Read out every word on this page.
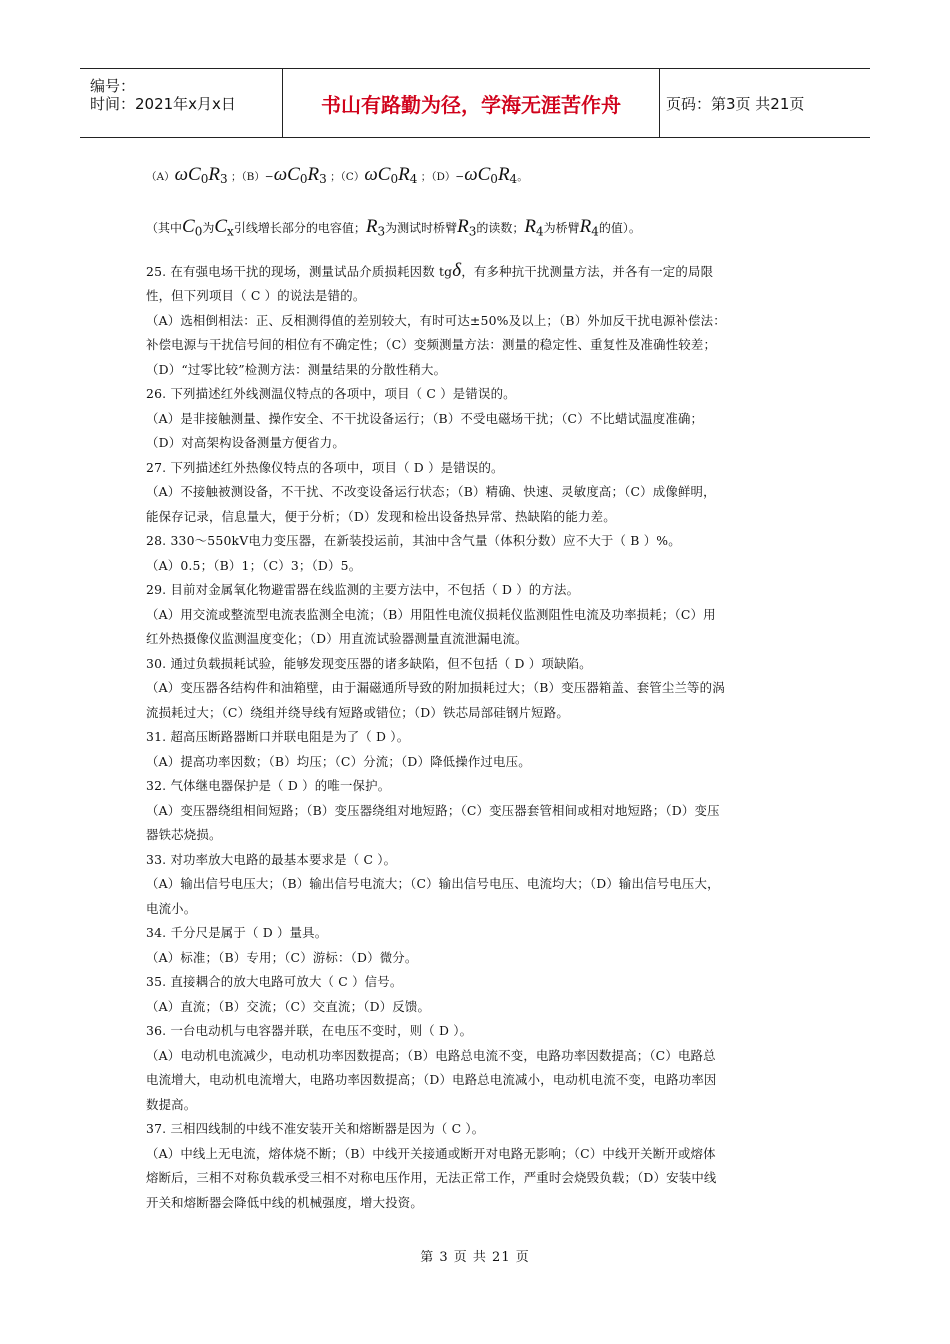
编号：
时间：2021年x月x日	书山有路勤为径，学海无涯苦作舟	页码：第3页 共21页
$(A)\omega C_0R_3$ ；$(B)-\omega C_0R_3$ ；$(C)\omega C_0R_4$ ；$(D)-\omega C_0R_4$。
（其中$C_0$为$C_x$引线增长部分的电容值；$R_3$为测试时桥臂$R_3$的读数；$R_4$为桥臂$R_4$的值）。
25. 在有强电场干扰的现场，测量试品介质损耗因数 tgδ，有多种抗干扰测量方法，并各有一定的局限
性，但下列项目（ C ）的说法是错的。
（A）选相倒相法：正、反相测得值的差别较大，有时可达±50%及以上；（B）外加反干扰电源补偿法：
补偿电源与干扰信号间的相位有不确定性；（C）变频测量方法：测量的稳定性、重复性及准确性较差；
（D）“过零比较”检测方法：测量结果的分散性稍大。
26. 下列描述红外线测温仪特点的各项中，项目（ C ）是错误的。
（A）是非接触测量、操作安全、不干扰设备运行；（B）不受电磁场干扰；（C）不比蜡试温度准确；
（D）对高架构设备测量方便省力。
27. 下列描述红外热像仪特点的各项中，项目（ D ）是错误的。
（A）不接触被测设备，不干扰、不改变设备运行状态；（B）精确、快速、灵敏度高；（C）成像鲜明，
能保存记录，信息量大，便于分析；（D）发现和检出设备热异常、热缺陷的能力差。
28. 330～550kV电力变压器，在新装投运前，其油中含气量（体积分数）应不大于（ B ）%。
（A）0.5；（B）1；（C）3；（D）5。
29. 目前对金属氧化物避雷器在线监测的主要方法中，不包括（ D ）的方法。
（A）用交流或整流型电流表监测全电流；（B）用阻性电流仪损耗仪监测阻性电流及功率损耗；（C）用
红外热摄像仪监测温度变化；（D）用直流试验器测量直流泄漏电流。
30. 通过负载损耗试验，能够发现变压器的诸多缺陷，但不包括（ D ）项缺陷。
（A）变压器各结构件和油箱壁，由于漏磁通所导致的附加损耗过大；（B）变压器箱盖、套管尘兰等的涡
流损耗过大；（C）绕组并绕导线有短路或错位；（D）铁芯局部硅钢片短路。
31. 超高压断路器断口并联电阻是为了（ D ）。
（A）提高功率因数；（B）均压；（C）分流；（D）降低操作过电压。
32. 气体继电器保护是（ D ）的唯一保护。
（A）变压器绕组相间短路；（B）变压器绕组对地短路；（C）变压器套管相间或相对地短路；（D）变压
器铁芯烧损。
33. 对功率放大电路的最基本要求是（ C ）。
（A）输出信号电压大；（B）输出信号电流大；（C）输出信号电压、电流均大；（D）输出信号电压大，
电流小。
34. 千分尺是属于（ D ）量具。
（A）标准；（B）专用；（C）游标：（D）微分。
35. 直接耦合的放大电路可放大（ C ）信号。
（A）直流；（B）交流；（C）交直流；（D）反馈。
36. 一台电动机与电容器并联，在电压不变时，则（ D ）。
（A）电动机电流减少，电动机功率因数提高；（B）电路总电流不变，电路功率因数提高；（C）电路总
电流增大，电动机电流增大，电路功率因数提高；（D）电路总电流减小，电动机电流不变，电路功率因
数提高。
37. 三相四线制的中线不准安装开关和熔断器是因为（ C ）。
（A）中线上无电流，熔体烧不断；（B）中线开关接通或断开对电路无影响；（C）中线开关断开或熔体
熔断后，三相不对称负载承受三相不对称电压作用，无法正常工作，严重时会烧毁负载；（D）安装中线
开关和熔断器会降低中线的机械强度，增大投资。
第 3 页 共 21 页
